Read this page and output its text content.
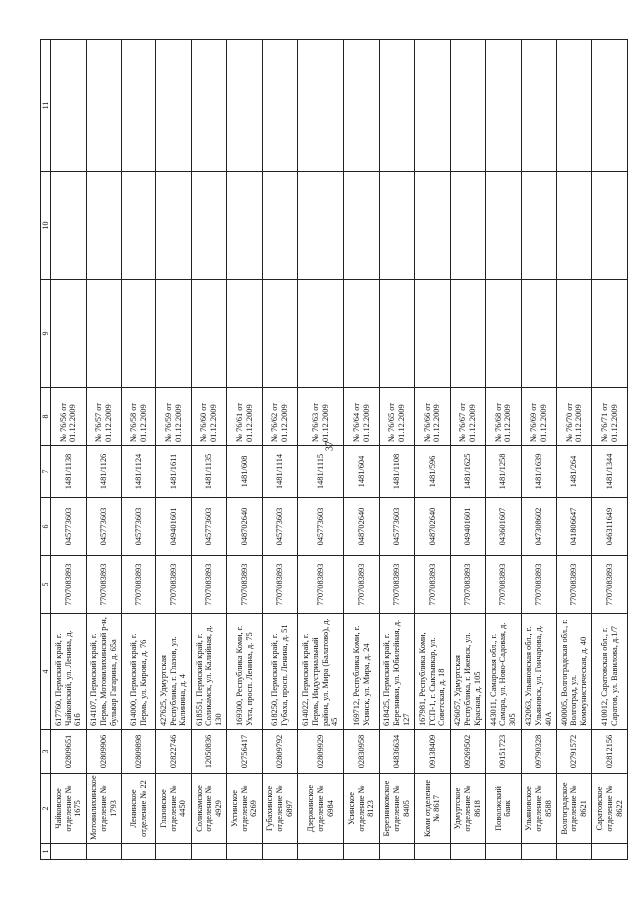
37
1	2	3	4	5	6	7	8	9	10	11
	Чайковское отделение № 1675	02809651	617760, Пермский край, г. Чайковский, ул. Ленина, д. 61б	7707083893	045773603	1481/1138	№ 76/56 от 01.12.2009			
	Мотовилихинское отделение № 1793	02809906	614107, Пермский край, г. Пермь, Мотовилихинский р-н, бульвар Гагарина, д. 65а	7707083893	045773603	1481/1126	№ 76/57 от 01.12.2009			
	Ленинское отделение № 22	02809898	614000, Пермский край, г. Пермь, ул. Кирова, д. 76	7707083893	045773603	1481/1124	№ 76/58 от 01.12.2009			
	Глазовское отделение № 4450	02822746	427625, Удмуртская Республика, г. Глазов, ул. Калинина, д. 4	7707083893	049401601	1481/1611	№ 76/59 от 01.12.2009			
	Соликамское отделение № 4929	12050836	618551, Пермский край, г. Соликамск, ул. Калийная, д. 130	7707083893	045773603	1481/1135	№ 76/60 от 01.12.2009			
	Ухтинское отделение № 6269	02756417	169300, Республика Коми, г. Ухта, просп. Ленина, д. 75	7707083893	048702640	1481/608	№ 76/61 от 01.12.2009			
	Губахинское отделение № 6897	02809792	618250, Пермский край, г. Губаха, просп. Ленина, д. 51	7707083893	045773603	1481/1114	№ 76/62 от 01.12.2009			
	Дзержинское отделение № 6984	02809929	614022, Пермский край, г. Пермь, Индустриальный район, ул. Мира (Балатово), д. 45	7707083893	045773603	1481/1115	№ 76/63 от 01.12.2009			
	Усинское отделение № 8123	02830958	169712, Республика Коми, г. Усинск, ул. Мира, д. 24	7707083893	048702640	1481/604	№ 76/64 от 01.12.2009			
	Березниковское отделение № 8405	04836634	618425, Пермский край, г. Березники, ул. Юбилейная, д. 127	7707083893	045773603	1481/1108	№ 76/65 от 01.12.2009			
	Коми отделение № 8617	09138409	167981, Республика Коми, ГСП-1, г. Сыктывкар, ул. Советская, д. 18	7707083893	048702640	1481/596	№ 76/66 от 01.12.2009			
	Удмуртское отделение № 8618	09269502	426057, Удмуртская Республика, г. Ижевск, ул. Красная, д. 105	7707083893	049401601	1481/1625	№ 76/67 от 01.12.2009			
	Поволжский банк	09151723	443011, Самарская обл., г. Самара, ул. Ново-Садовая, д. 305	7707083893	043601607	1481/1258	№ 76/68 от 01.12.2009			
	Ульяновское отделение № 8588	09790328	432063, Ульяновская обл., г. Ульяновск, ул. Гончарова, д. 40А	7707083893	047308602	1481/1639	№ 76/69 от 01.12.2009			
	Волгоградское отделение № 8621	02791572	400005, Волгоградская обл., г. Волгоград, ул. Коммунистическая, д. 40	7707083893	041806647	1481/264	№ 76/70 от 01.12.2009			
	Саратовское отделение № 8622	02812156	410012, Саратовская обл., г. Саратов, ул. Вавилова, д.1/7	7707083893	046311649	1481/1344	№ 76/71 от 01.12.2009			
